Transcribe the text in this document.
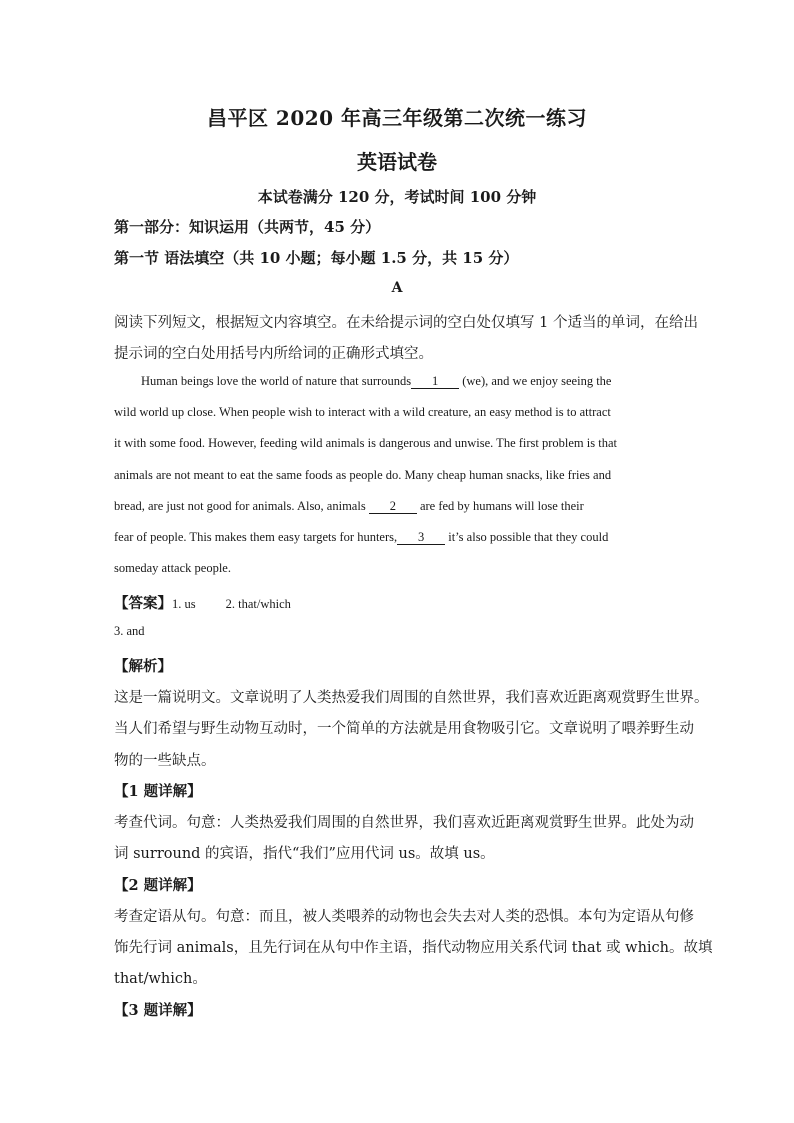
昌平区 2020 年高三年级第二次统一练习
英语试卷
本试卷满分 120 分，考试时间 100 分钟
第一部分：知识运用（共两节，45 分）
第一节 语法填空（共 10 小题；每小题 1.5 分，共 15 分）
A
阅读下列短文，根据短文内容填空。在未给提示词的空白处仅填写 1 个适当的单词，在给出
提示词的空白处用括号内所给词的正确形式填空。
Human beings love the world of nature that surrounds 1 (we), and we enjoy seeing the
wild world up close. When people wish to interact with a wild creature, an easy method is to attract
it with some food. However, feeding wild animals is dangerous and unwise. The first problem is that
animals are not meant to eat the same foods as people do. Many cheap human snacks, like fries and
bread, are just not good for animals. Also, animals 2 are fed by humans will lose their
fear of people. This makes them easy targets for hunters, 3 it’s also possible that they could
someday attack people.
【答案】1. us 2. that/which
3. and
【解析】
这是一篇说明文。文章说明了人类热爱我们周围的自然世界，我们喜欢近距离观赏野生世界。
当人们希望与野生动物互动时，一个简单的方法就是用食物吸引它。文章说明了喂养野生动
物的一些缺点。
【1 题详解】
考查代词。句意：人类热爱我们周围的自然世界，我们喜欢近距离观赏野生世界。此处为动
词 surround 的宾语，指代“我们”应用代词 us。故填 us。
【2 题详解】
考查定语从句。句意：而且，被人类喂养的动物也会失去对人类的恐惧。本句为定语从句修
饰先行词 animals，且先行词在从句中作主语，指代动物应用关系代词 that 或 which。故填
that/which。
【3 题详解】
